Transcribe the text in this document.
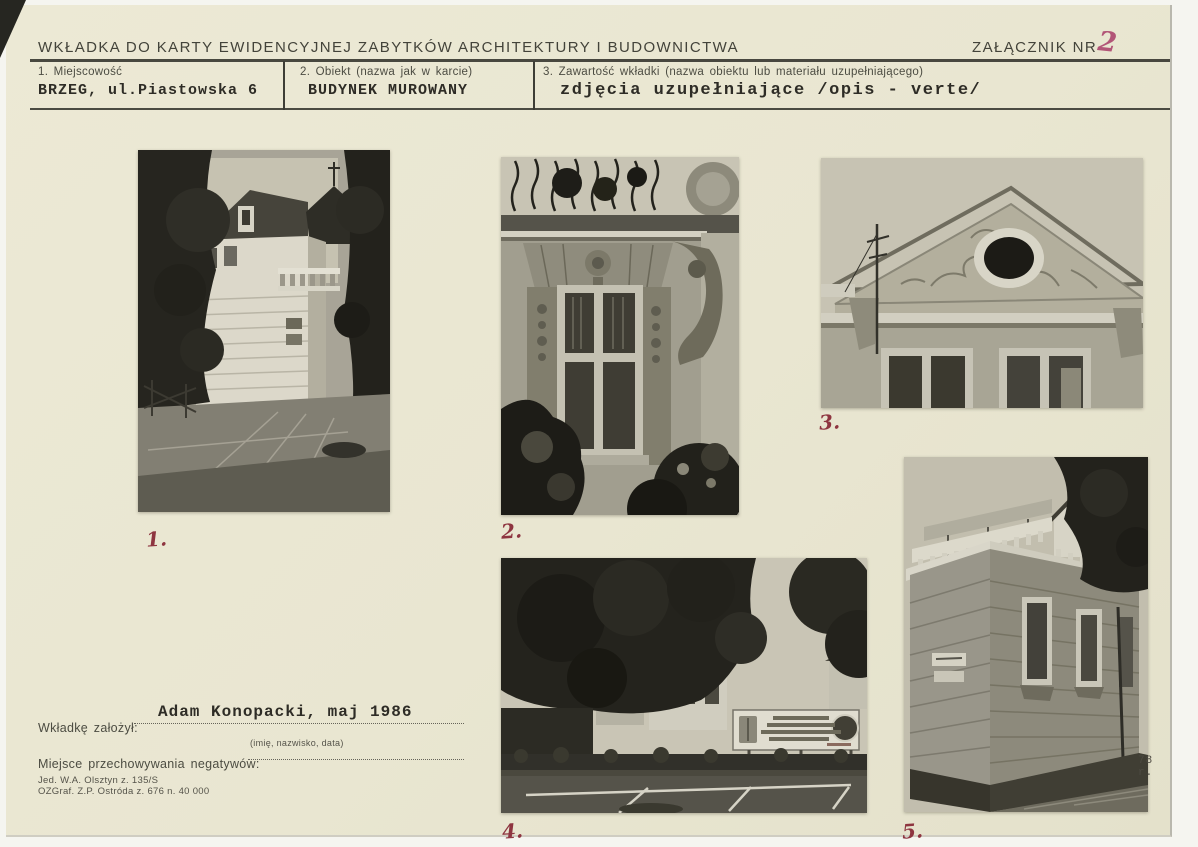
WKŁADKA DO KARTY EWIDENCYJNEJ ZABYTKÓW ARCHITEKTURY I BUDOWNICTWA	ZAŁĄCZNIK NR 2
1. Miejscowość
BRZEG, ul.Piastowska 6
2. Obiekt (nazwa jak w karcie)
BUDYNEK MUROWANY
3. Zawartość wkładki (nazwa obiektu lub materiału uzupełniającego)
zdjęcia uzupełniające /opis - verte/
1.	2.
3.
4.	5.
78 r.
Adam Konopacki, maj 1986
Wkładkę założył:
(imię, nazwisko, data)
Miejsce przechowywania negatywów:
Jed. W.A. Olsztyn z. 135/S
OZGraf. Z.P. Ostróda z. 676 n. 40 000
